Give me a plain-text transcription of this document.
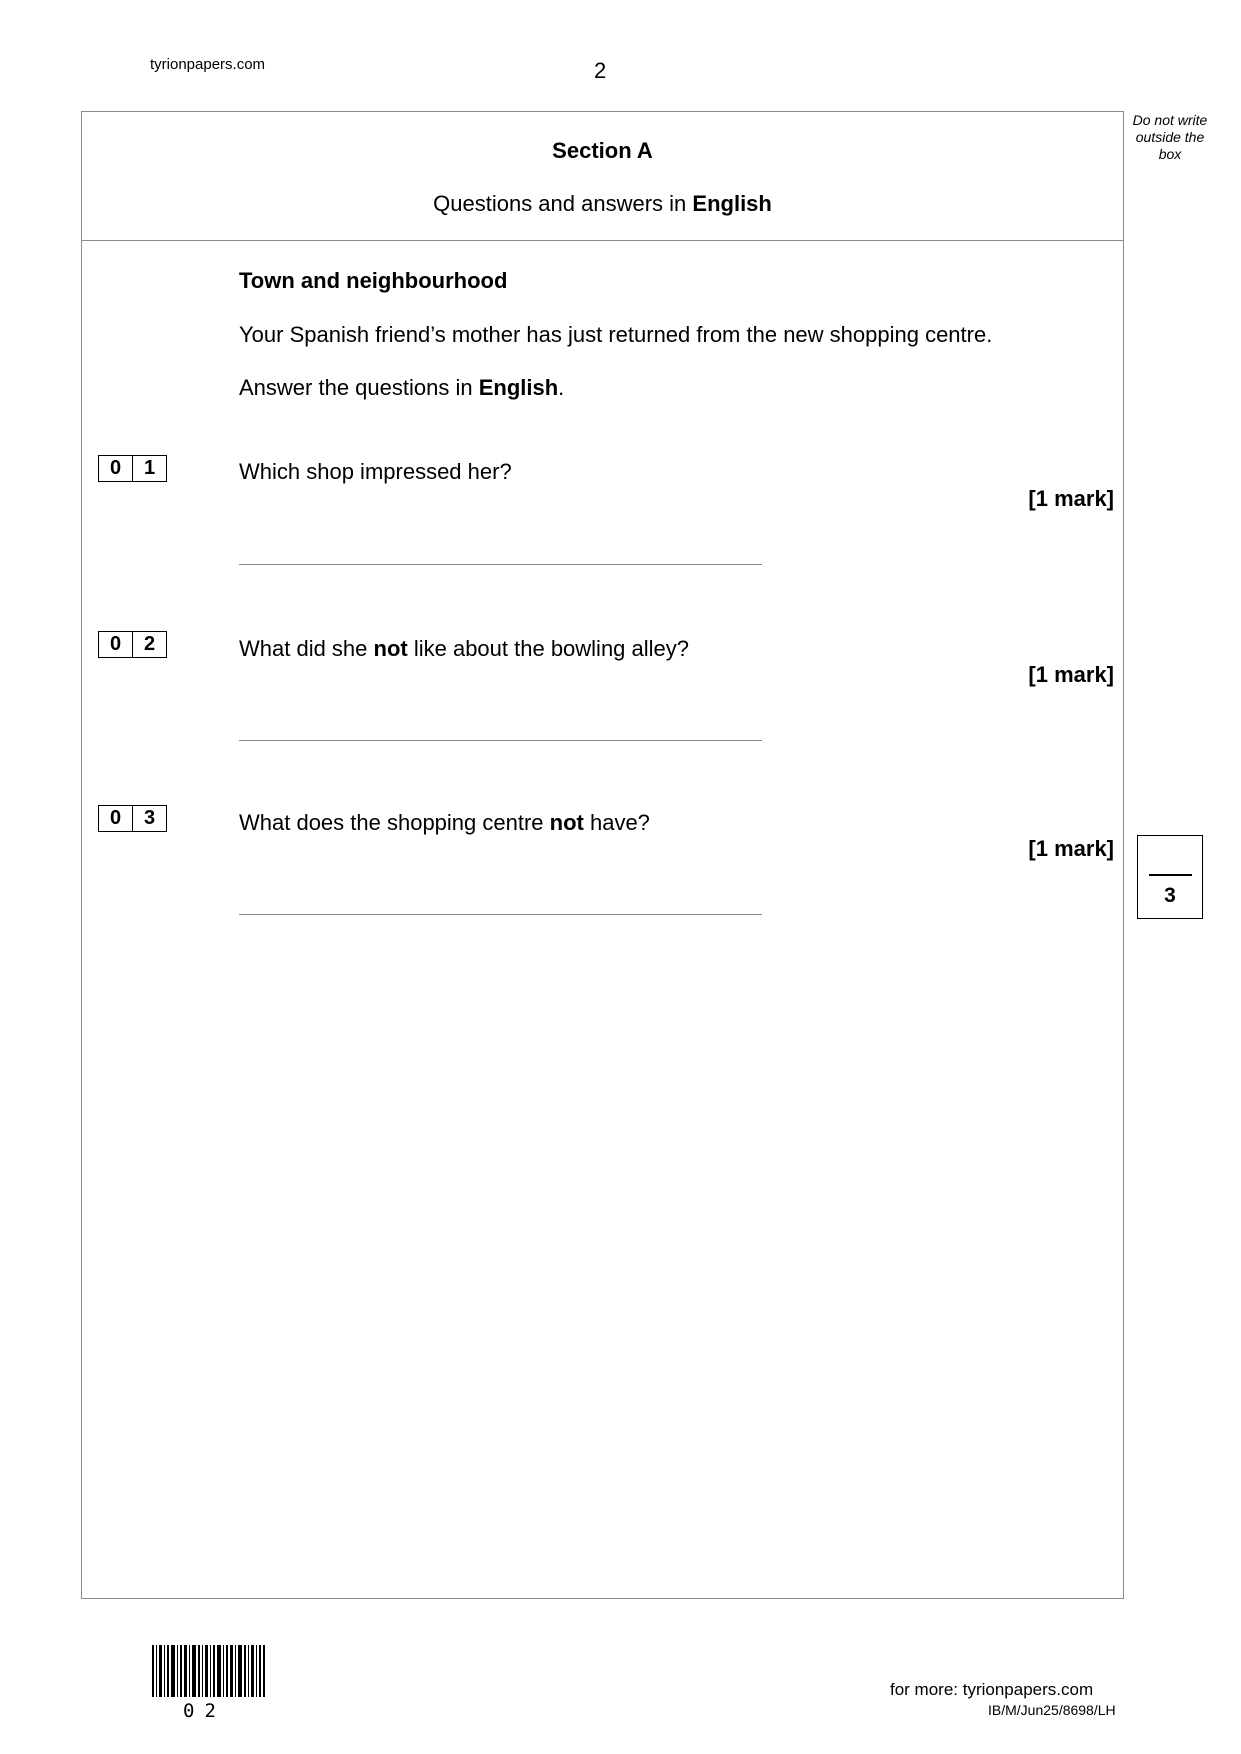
tyrionpapers.com	2
Do not write
outside the
box
Section A
Questions and answers in English
Town and neighbourhood
Your Spanish friend’s mother has just returned from the new shopping centre.
Answer the questions in English.
0	1	Which shop impressed her?
[1 mark]
0	2	What did she not like about the bowling alley?
[1 mark]
0	3	What does the shopping centre not have?
[1 mark]
3
02
for more: tyrionpapers.com
IB/M/Jun25/8698/LH
